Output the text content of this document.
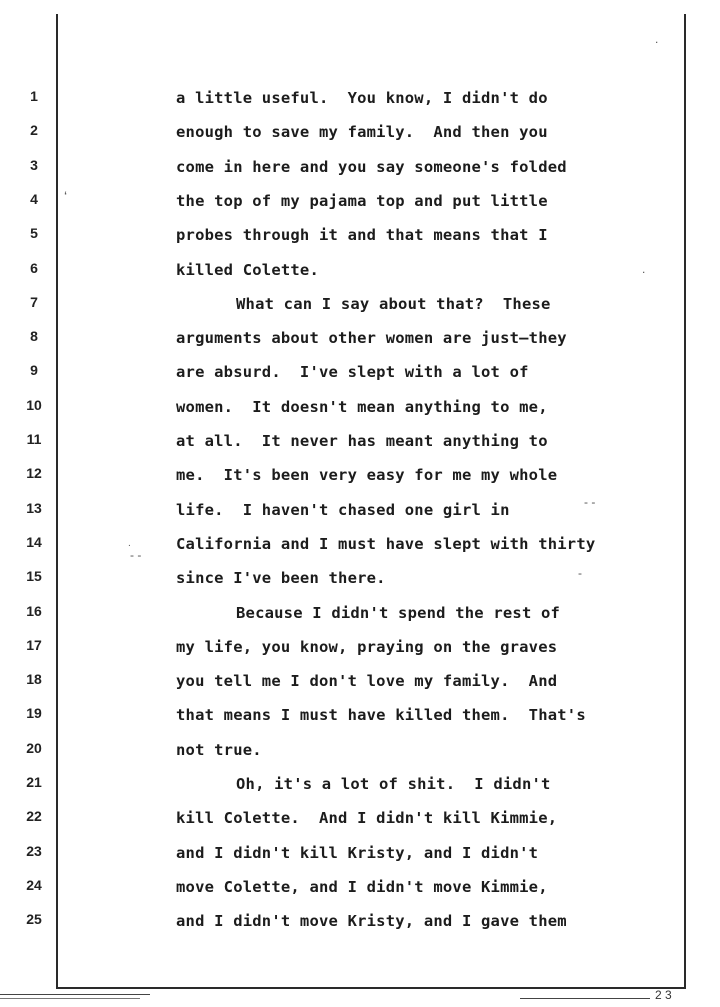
1
2
3
4
5
6
7
8
9
10
11
12
13
14
15
16
17
18
19
20
21
22
23
24
25
a little useful.  You know, I didn't do
enough to save my family.  And then you
come in here and you say someone's folded
the top of my pajama top and put little
probes through it and that means that I
killed Colette.
What can I say about that?  These
arguments about other women are just—they
are absurd.  I've slept with a lot of
women.  It doesn't mean anything to me,
at all.  It never has meant anything to
me.  It's been very easy for me my whole
life.  I haven't chased one girl in
California and I must have slept with thirty
since I've been there.
Because I didn't spend the rest of
my life, you know, praying on the graves
you tell me I don't love my family.  And
that means I must have killed them.  That's
not true.
Oh, it's a lot of shit.  I didn't
kill Colette.  And I didn't kill Kimmie,
and I didn't kill Kristy, and I didn't
move Colette, and I didn't move Kimmie,
and I didn't move Kristy, and I gave them
‘
- -
.
- -
-
.
.
2 3
